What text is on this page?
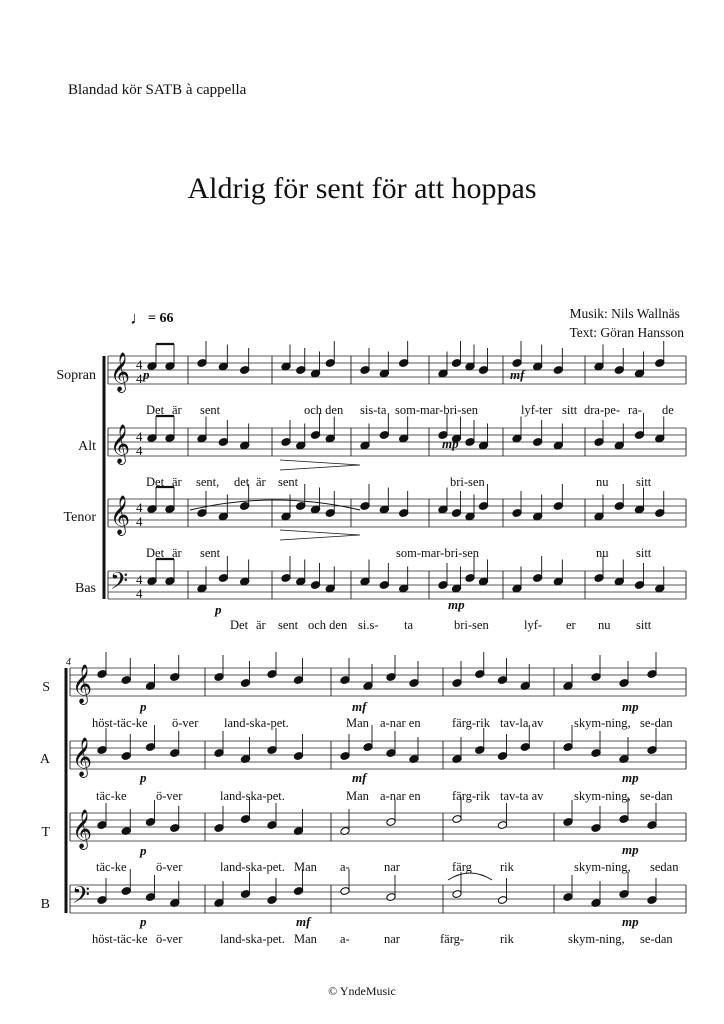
Blandad kör SATB à cappella
Aldrig för sent för att hoppas
♩= 66	Musik: Nils Wallnäs
Text: Göran Hansson
Sopran
Alt
Tenor
Bas
S
A
T
B
4
Det är sent	och den sis-ta som-mar-bri-sen	lyf-ter sitt dra-pe- ra- de
Det är sent, det är sent	bri-sen	nu sitt
Det är sent	som-mar-bri-sen	nu sitt
Det är sent och den si.s- ta	bri-sen	lyf- er nu sitt
höst-täc-ke ö-ver land-ska-pet.	Man a-nar en	färg-rik tav-la av skym-ning, se-dan
täc-ke ö-ver	land-ska-pet.	Man a-nar en	färg-rik tav-ta av skym-ning, se-dan
täc-ke ö-ver	land-ska-pet. Man a-	nar	färg rik	skym-ning, sedan
höst-täc-ke ö-ver	land-ska-pet. Man a-	nar	färg-	rik	skym-ning, se-dan
© YndeMusic
𝄞 4
4
𝄞 4
4
𝄞 4
4
𝄢 4
4
p
mp
mf
p	mp
𝄞
𝄞
𝄞
𝄢
p	mf	mp
p	mf	mp
p	mp
p	mf	mp
